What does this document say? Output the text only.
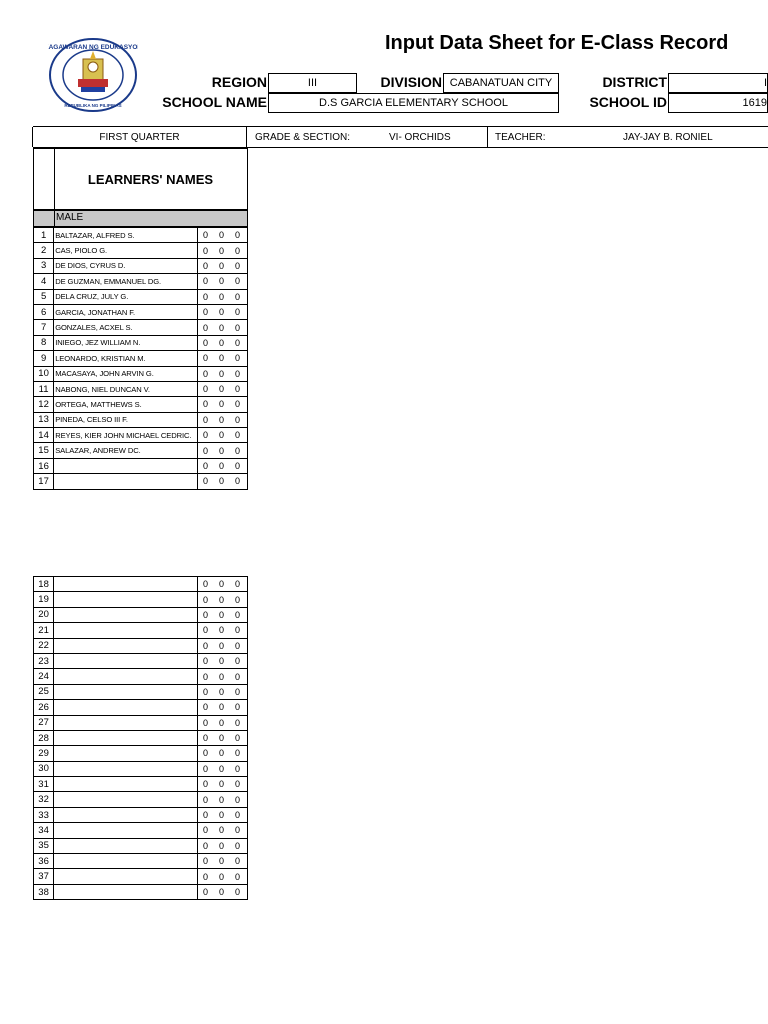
KAGAWARAN NG EDUKASYON
REPUBLIKA NG PILIPINAS
Input Data Sheet for E-Class Record
REGION	III	DIVISION CABANATUAN CITY	DISTRICT	I
SCHOOL NAME	D.S GARCIA ELEMENTARY SCHOOL	SCHOOL ID	1619
FIRST QUARTER	GRADE & SECTION:	VI- ORCHIDS	TEACHER:	JAY-JAY B. RONIEL
LEARNERS' NAMES
MALE
1	BALTAZAR, ALFRED S.	0 0 0
2	CAS, PIOLO G.	0 0 0
3	DE DIOS, CYRUS D.	0 0 0
4	DE GUZMAN, EMMANUEL DG.	0 0 0
5	DELA CRUZ, JULY G.	0 0 0
6	GARCIA, JONATHAN F.	0 0 0
7	GONZALES, ACXEL S.	0 0 0
8	INIEGO, JEZ WILLIAM N.	0 0 0
9	LEONARDO, KRISTIAN M.	0 0 0
10	MACASAYA, JOHN ARVIN G.	0 0 0
11	NABONG, NIEL DUNCAN V.	0 0 0
12	ORTEGA, MATTHEWS S.	0 0 0
13	PINEDA, CELSO III F.	0 0 0
14	REYES, KIER JOHN MICHAEL CEDRIC.	0 0 0
15	SALAZAR, ANDREW DC.	0 0 0
16		0 0 0
17		0 0 0
18		0 0 0
19		0 0 0
20		0 0 0
21		0 0 0
22		0 0 0
23		0 0 0
24		0 0 0
25		0 0 0
26		0 0 0
27		0 0 0
28		0 0 0
29		0 0 0
30		0 0 0
31		0 0 0
32		0 0 0
33		0 0 0
34		0 0 0
35		0 0 0
36		0 0 0
37		0 0 0
38		0 0 0
